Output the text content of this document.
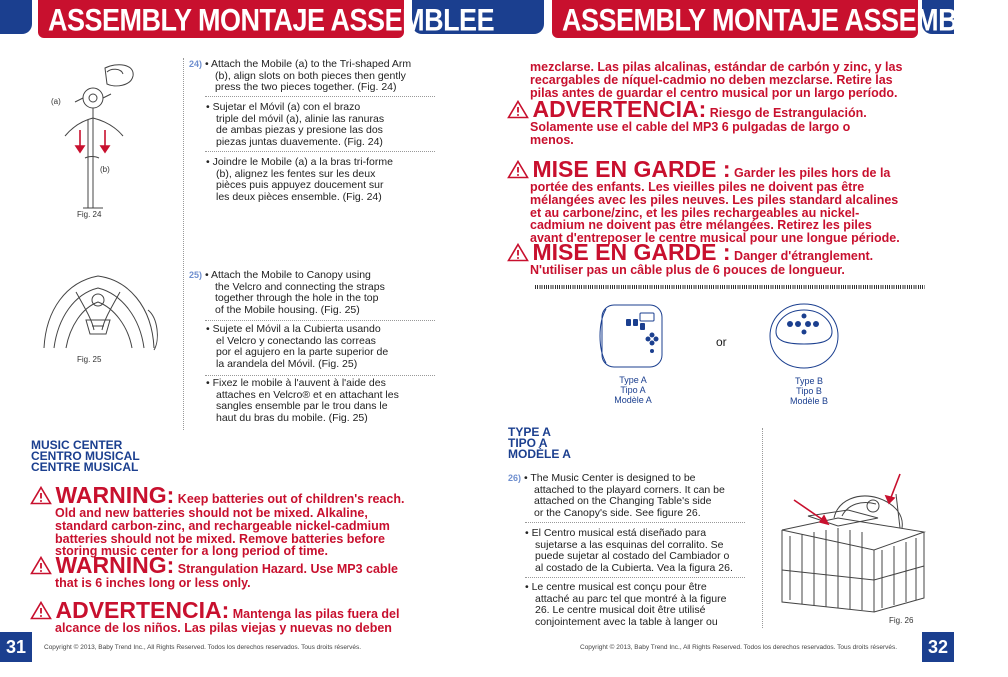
ASSEMBLY MONTAJE ASSEMBLEE	ASSEMBLY MONTAJE ASSEMBLEE
(a)
(b)
Fig. 24
24) • Attach the Mobile (a) to the Tri-shaped Arm
(b), align slots on both pieces then gently
press the two pieces together. (Fig. 24)
• Sujetar el Móvil (a) con el brazo
triple del móvil (a), alinie las ranuras
de ambas piezas y presione las dos
piezas juntas duavemente. (Fig. 24)
• Joindre le Mobile (a) a la bras tri-forme
(b), alignez les fentes sur les deux
pièces puis appuyez doucement sur
les deux pièces ensemble. (Fig. 24)
Fig. 25
25) • Attach the Mobile to Canopy using
the Velcro and connecting the straps
together through the hole in the top
of the Mobile housing. (Fig. 25)
• Sujete el Móvil a la Cubierta usando
el Velcro y conectando las correas
por el agujero en la parte superior de
la arandela del Móvil. (Fig. 25)
• Fixez le mobile à l'auvent à l'aide des
attaches en Velcro® et en attachant les
sangles ensemble par le trou dans le
haut du bras du mobile. (Fig. 25)
MUSIC CENTER
CENTRO MUSICAL
CENTRE MUSICAL
WARNING: Keep batteries out of children's reach.
Old and new batteries should not be mixed. Alkaline,
standard carbon-zinc, and rechargeable nickel-cadmium
batteries should not be mixed. Remove batteries before
storing music center for a long period of time.
WARNING: Strangulation Hazard. Use MP3 cable
that is 6 inches long or less only.
ADVERTENCIA: Mantenga las pilas fuera del
alcance de los niños. Las pilas viejas y nuevas no deben
31	Copyright © 2013, Baby Trend Inc., All Rights Reserved. Todos los derechos reservados. Tous droits réservés.
mezclarse. Las pilas alcalinas, estándar de carbón y zinc, y las
recargables de níquel-cadmio no deben mezclarse. Retire las
pilas antes de guardar el centro musical por un largo período.
ADVERTENCIA: Riesgo de Estrangulación.
Solamente use el cable del MP3 6 pulgadas de largo o
menos.
MISE EN GARDE : Garder les piles hors de la
portée des enfants. Les vieilles piles ne doivent pas être
mélangées avec les piles neuves. Les piles standard alcalines
et au carbone/zinc, et les piles rechargeables au nickel-
cadmium ne doivent pas être mélangées. Retirez les piles
avant d'entreposer le centre musical pour une longue période.
MISE EN GARDE : Danger d'étranglement.
N'utiliser pas un câble plus de 6 pouces de longueur.
or
Type A
Tipo A
Modèle A
Type B
Tipo B
Modèle B
TYPE A
TIPO A
MODÈLE A
26) • The Music Center is designed to be
attached to the playard corners. It can be
attached on the Changing Table's side
or the Canopy's side. See figure 26.
• El Centro musical está diseñado para
sujetarse a las esquinas del corralito. Se
puede sujetar al costado del Cambiador o
al costado de la Cubierta. Vea la figura 26.
• Le centre musical est conçu pour être
attaché au parc tel que montré à la figure
26. Le centre musical doit être utilisé
conjointement avec la table à langer ou	Fig. 26
32
Copyright © 2013, Baby Trend Inc., All Rights Reserved. Todos los derechos reservados. Tous droits réservés.
